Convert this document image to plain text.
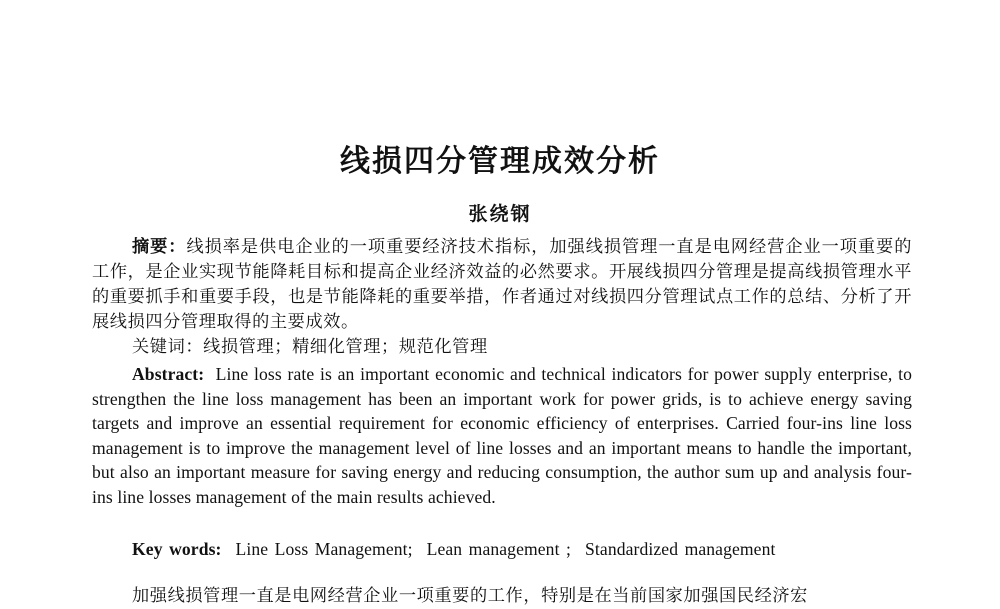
线损四分管理成效分析
张绕钢
摘要：线损率是供电企业的一项重要经济技术指标，加强线损管理一直是电网经营企业一项重要的工作，是企业实现节能降耗目标和提高企业经济效益的必然要求。开展线损四分管理是提高线损管理水平的重要抓手和重要手段，也是节能降耗的重要举措，作者通过对线损四分管理试点工作的总结、分析了开展线损四分管理取得的主要成效。
关键词：线损管理；精细化管理；规范化管理
Abstract: Line loss rate is an important economic and technical indicators for power supply enterprise, to strengthen the line loss management has been an important work for power grids, is to achieve energy saving targets and improve an essential requirement for economic efficiency of enterprises. Carried four-ins line loss management is to improve the management level of line losses and an important means to handle the important, but also an important measure for saving energy and reducing consumption, the author sum up and analysis four-ins line losses management of the main results achieved.
Key words: Line Loss Management; Lean management ; Standardized management
加强线损管理一直是电网经营企业一项重要的工作，特别是在当前国家加强国民经济宏
